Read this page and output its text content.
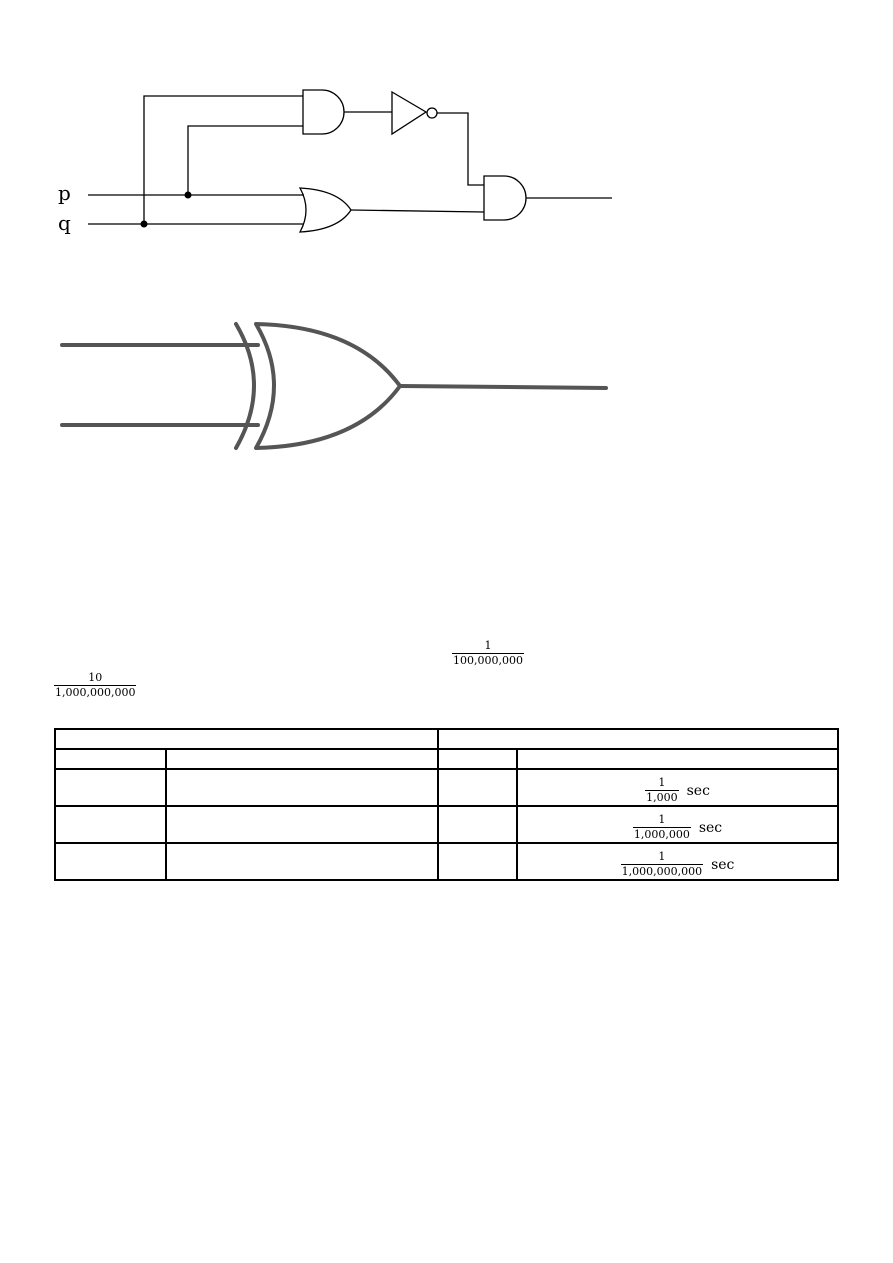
p
q
$\frac{1}{100,000,000}$
$\frac{10}{1,000,000,000}$

			$\frac{1}{1,000}$ sec

			$\frac{1}{1,000,000}$ sec

			$\frac{1}{1,000,000,000}$ sec
